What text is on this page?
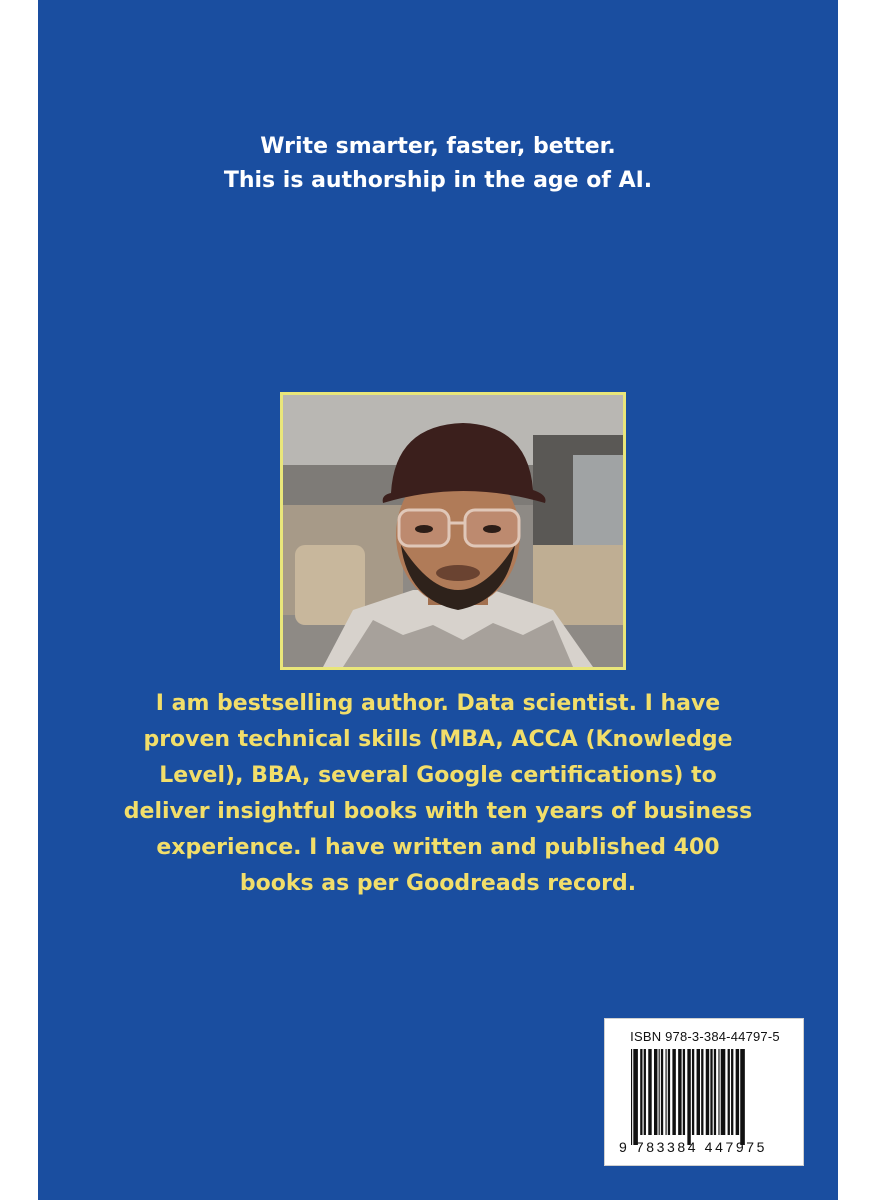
Write smarter, faster, better.
This is authorship in the age of AI.
I am bestselling author. Data scientist. I have
proven technical skills (MBA, ACCA (Knowledge
Level), BBA, several Google certifications) to
deliver insightful books with ten years of business
experience. I have written and published 400
books as per Goodreads record.
ISBN 978-3-384-44797-5
9 783384 447975
